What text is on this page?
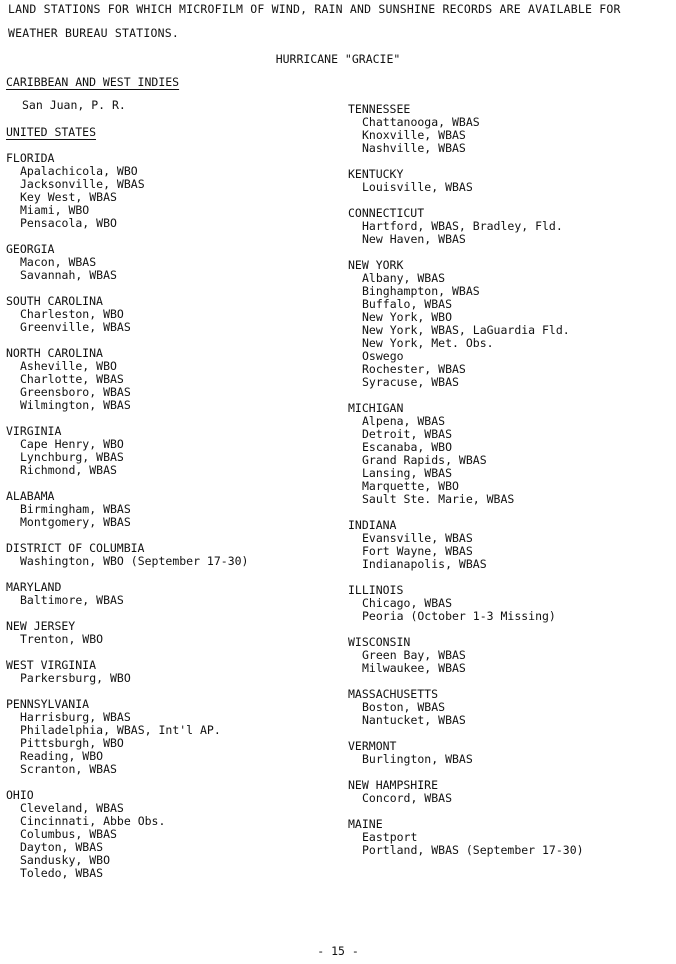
LAND STATIONS FOR WHICH MICROFILM OF WIND, RAIN AND SUNSHINE RECORDS ARE AVAILABLE FOR
WEATHER BUREAU STATIONS.
HURRICANE "GRACIE"
CARIBBEAN AND WEST INDIES
San Juan, P. R.
UNITED STATES
FLORIDA
Apalachicola, WBO
Jacksonville, WBAS
Key West, WBAS
Miami, WBO
Pensacola, WBO
GEORGIA
Macon, WBAS
Savannah, WBAS
SOUTH CAROLINA
Charleston, WBO
Greenville, WBAS
NORTH CAROLINA
Asheville, WBO
Charlotte, WBAS
Greensboro, WBAS
Wilmington, WBAS
VIRGINIA
Cape Henry, WBO
Lynchburg, WBAS
Richmond, WBAS
ALABAMA
Birmingham, WBAS
Montgomery, WBAS
DISTRICT OF COLUMBIA
Washington, WBO (September 17-30)
MARYLAND
Baltimore, WBAS
NEW JERSEY
Trenton, WBO
WEST VIRGINIA
Parkersburg, WBO
PENNSYLVANIA
Harrisburg, WBAS
Philadelphia, WBAS, Int'l AP.
Pittsburgh, WBO
Reading, WBO
Scranton, WBAS
OHIO
Cleveland, WBAS
Cincinnati, Abbe Obs.
Columbus, WBAS
Dayton, WBAS
Sandusky, WBO
Toledo, WBAS
TENNESSEE
Chattanooga, WBAS
Knoxville, WBAS
Nashville, WBAS
KENTUCKY
Louisville, WBAS
CONNECTICUT
Hartford, WBAS, Bradley, Fld.
New Haven, WBAS
NEW YORK
Albany, WBAS
Binghampton, WBAS
Buffalo, WBAS
New York, WBO
New York, WBAS, LaGuardia Fld.
New York, Met. Obs.
Oswego
Rochester, WBAS
Syracuse, WBAS
MICHIGAN
Alpena, WBAS
Detroit, WBAS
Escanaba, WBO
Grand Rapids, WBAS
Lansing, WBAS
Marquette, WBO
Sault Ste. Marie, WBAS
INDIANA
Evansville, WBAS
Fort Wayne, WBAS
Indianapolis, WBAS
ILLINOIS
Chicago, WBAS
Peoria (October 1-3 Missing)
WISCONSIN
Green Bay, WBAS
Milwaukee, WBAS
MASSACHUSETTS
Boston, WBAS
Nantucket, WBAS
VERMONT
Burlington, WBAS
NEW HAMPSHIRE
Concord, WBAS
MAINE
Eastport
Portland, WBAS (September 17-30)
- 15 -
